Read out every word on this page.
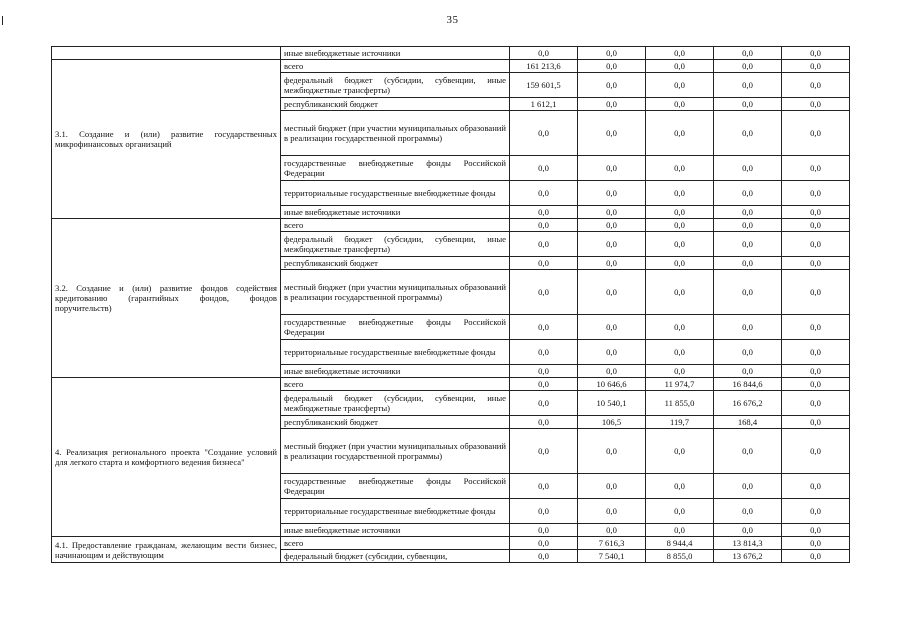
35
	иные внебюджетные источники	0,0	0,0	0,0	0,0	0,0
3.1. Создание и (или) развитие государственных микрофинансовых организаций	всего	161 213,6	0,0	0,0	0,0	0,0
	федеральный бюджет (субсидии, субвенции, иные межбюджетные трансферты)	159 601,5	0,0	0,0	0,0	0,0
	республиканский бюджет	1 612,1	0,0	0,0	0,0	0,0
	местный бюджет (при участии муниципальных образований в реализации государственной программы)	0,0	0,0	0,0	0,0	0,0
	государственные внебюджетные фонды Российской Федерации	0,0	0,0	0,0	0,0	0,0
	территориальные государственные внебюджетные фонды	0,0	0,0	0,0	0,0	0,0
	иные внебюджетные источники	0,0	0,0	0,0	0,0	0,0
3.2. Создание и (или) развитие фондов содействия кредитованию (гарантийных фондов, фондов поручительств)	всего	0,0	0,0	0,0	0,0	0,0
	федеральный бюджет (субсидии, субвенции, иные межбюджетные трансферты)	0,0	0,0	0,0	0,0	0,0
	республиканский бюджет	0,0	0,0	0,0	0,0	0,0
	местный бюджет (при участии муниципальных образований в реализации государственной программы)	0,0	0,0	0,0	0,0	0,0
	государственные внебюджетные фонды Российской Федерации	0,0	0,0	0,0	0,0	0,0
	территориальные государственные внебюджетные фонды	0,0	0,0	0,0	0,0	0,0
	иные внебюджетные источники	0,0	0,0	0,0	0,0	0,0
4. Реализация регионального проекта "Создание условий для легкого старта и комфортного ведения бизнеса"	всего	0,0	10 646,6	11 974,7	16 844,6	0,0
	федеральный бюджет (субсидии, субвенции, иные межбюджетные трансферты)	0,0	10 540,1	11 855,0	16 676,2	0,0
	республиканский бюджет	0,0	106,5	119,7	168,4	0,0
	местный бюджет (при участии муниципальных образований в реализации государственной программы)	0,0	0,0	0,0	0,0	0,0
	государственные внебюджетные фонды Российской Федерации	0,0	0,0	0,0	0,0	0,0
	территориальные государственные внебюджетные фонды	0,0	0,0	0,0	0,0	0,0
	иные внебюджетные источники	0,0	0,0	0,0	0,0	0,0
4.1. Предоставление гражданам, желающим вести бизнес, начинающим и действующим	всего	0,0	7 616,3	8 944,4	13 814,3	0,0
	федеральный бюджет (субсидии, субвенции,	0,0	7 540,1	8 855,0	13 676,2	0,0
